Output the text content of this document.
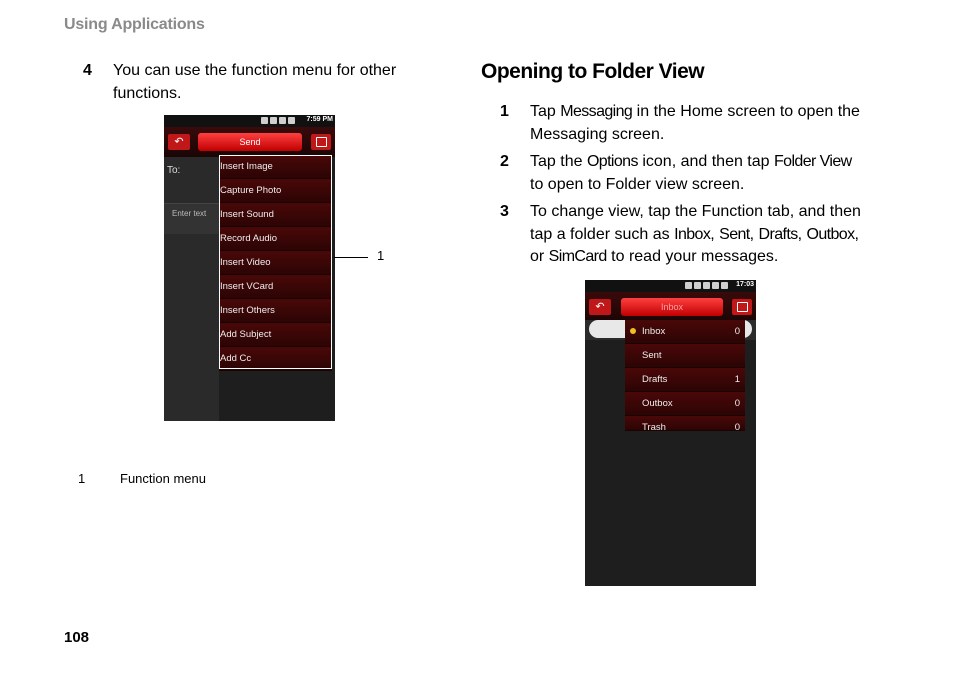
Using Applications
4 You can use the function menu for other functions.
7:59 PM
↶	Send
To:
Enter text
Insert Image
Capture Photo
Insert Sound
Record Audio
Insert Video
Insert VCard
Insert Others
Add Subject
Add Cc
1
1	Function menu
Opening to Folder View
1 Tap Messaging in the Home screen to open the Messaging screen.
2 Tap the Options icon, and then tap Folder View to open to Folder view screen.
3 To change view, tap the Function tab, and then tap a folder such as Inbox, Sent, Drafts, Outbox, or SimCard to read your messages.
17:03
↶	Inbox
Inbox	0
Sent
Drafts	1
Outbox	0
Trash	0
108
